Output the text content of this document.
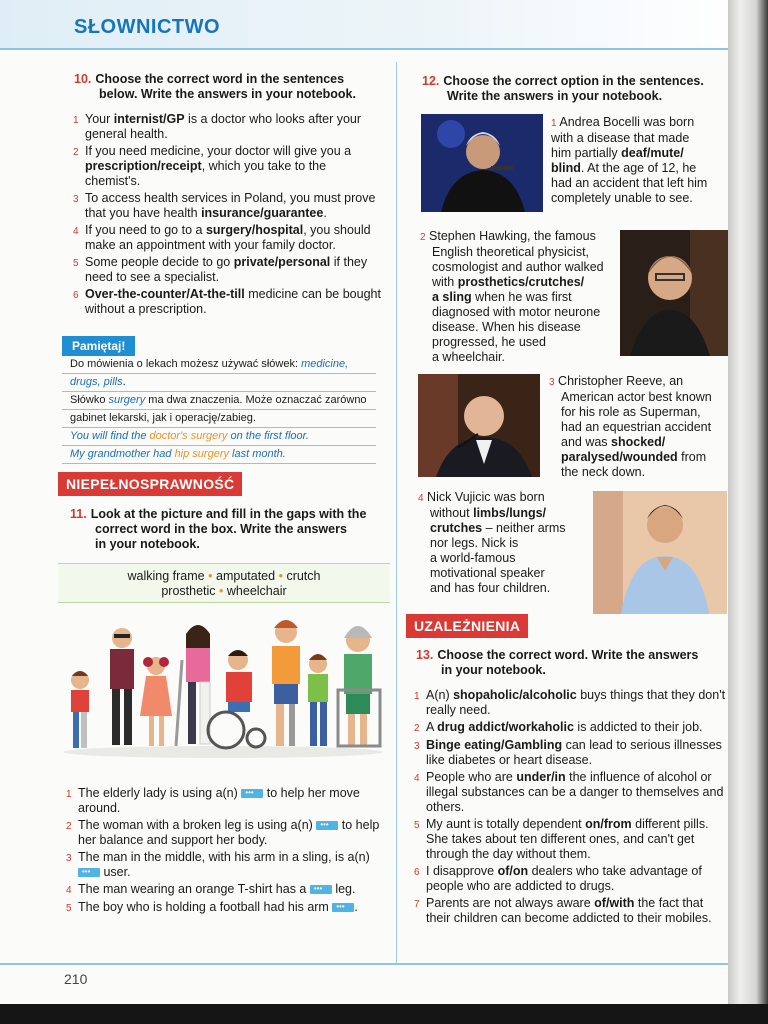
SŁOWNICTWO
10. Choose the correct word in the sentences
below. Write the answers in your notebook.
1 Your internist/GP is a doctor who looks after your general health.
2 If you need medicine, your doctor will give you a prescription/receipt, which you take to the chemist's.
3 To access health services in Poland, you must prove that you have health insurance/guarantee.
4 If you need to go to a surgery/hospital, you should make an appointment with your family doctor.
5 Some people decide to go private/personal if they need to see a specialist.
6 Over-the-counter/At-the-till medicine can be bought without a prescription.
Pamiętaj!
Do mówienia o lekach możesz używać słówek: medicine,
drugs, pills.
Słówko surgery ma dwa znaczenia. Może oznaczać zarówno
gabinet lekarski, jak i operację/zabieg.
You will find the doctor's surgery on the first floor.
My grandmother had hip surgery last month.
NIEPEŁNOSPRAWNOŚĆ
11. Look at the picture and fill in the gaps with the
correct word in the box. Write the answers
in your notebook.
walking frame • amputated • crutch
prosthetic • wheelchair
1 The elderly lady is using a(n) ••• to help her move around.
2 The woman with a broken leg is using a(n) ••• to help her balance and support her body.
3 The man in the middle, with his arm in a sling, is a(n) ••• user.
4 The man wearing an orange T-shirt has a ••• leg.
5 The boy who is holding a football had his arm •••.
12. Choose the correct option in the sentences.
Write the answers in your notebook.
1 Andrea Bocelli was born
with a disease that made
him partially deaf/mute/
blind. At the age of 12, he
had an accident that left him
completely unable to see.
2 Stephen Hawking, the famous
English theoretical physicist,
cosmologist and author walked
with prosthetics/crutches/
a sling when he was first
diagnosed with motor neurone
disease. When his disease
progressed, he used
a wheelchair.
3 Christopher Reeve, an
American actor best known
for his role as Superman,
had an equestrian accident
and was shocked/
paralysed/wounded from
the neck down.
4 Nick Vujicic was born
without limbs/lungs/
crutches – neither arms
nor legs. Nick is
a world-famous
motivational speaker
and has four children.
UZALEŻNIENIA
13. Choose the correct word. Write the answers
in your notebook.
1 A(n) shopaholic/alcoholic buys things that they don't really need.
2 A drug addict/workaholic is addicted to their job.
3 Binge eating/Gambling can lead to serious illnesses like diabetes or heart disease.
4 People who are under/in the influence of alcohol or illegal substances can be a danger to themselves and others.
5 My aunt is totally dependent on/from different pills. She takes about ten different ones, and can't get through the day without them.
6 I disapprove of/on dealers who take advantage of people who are addicted to drugs.
7 Parents are not always aware of/with the fact that their children can become addicted to their mobiles.
210
